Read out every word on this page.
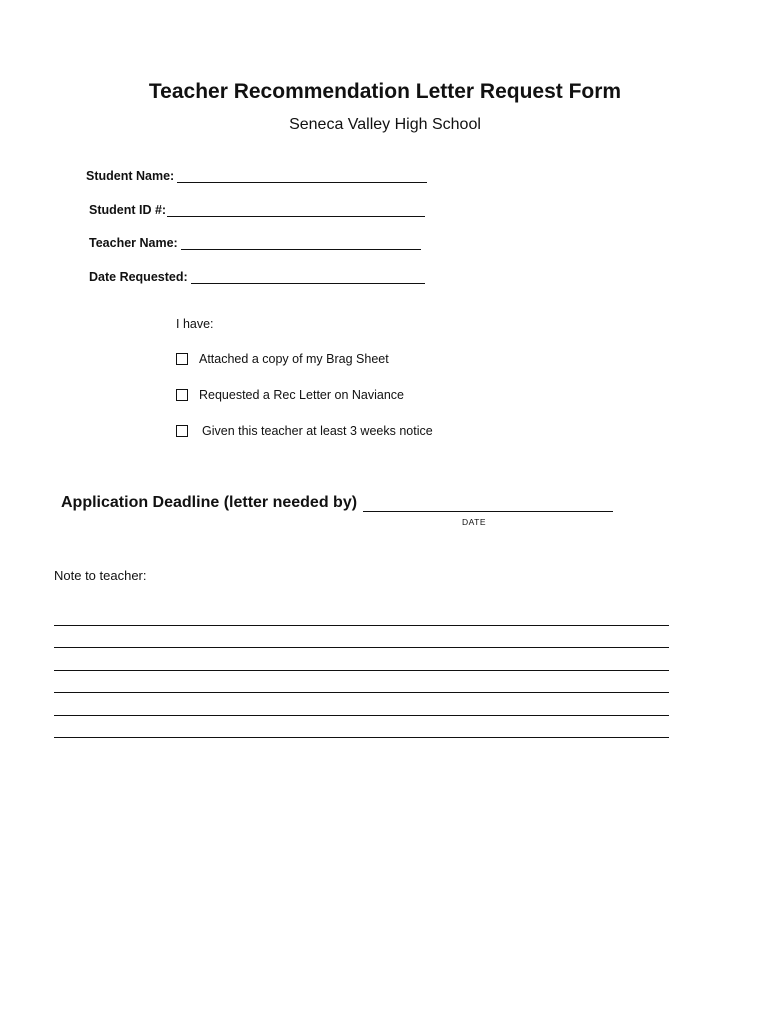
Teacher Recommendation Letter Request Form
Seneca Valley High School
Student Name:
Student ID #:
Teacher Name:
Date Requested:
I have:
Attached a copy of my Brag Sheet
Requested a Rec Letter on Naviance
Given this teacher at least 3 weeks notice
Application Deadline (letter needed by)
DATE
Note to teacher:
